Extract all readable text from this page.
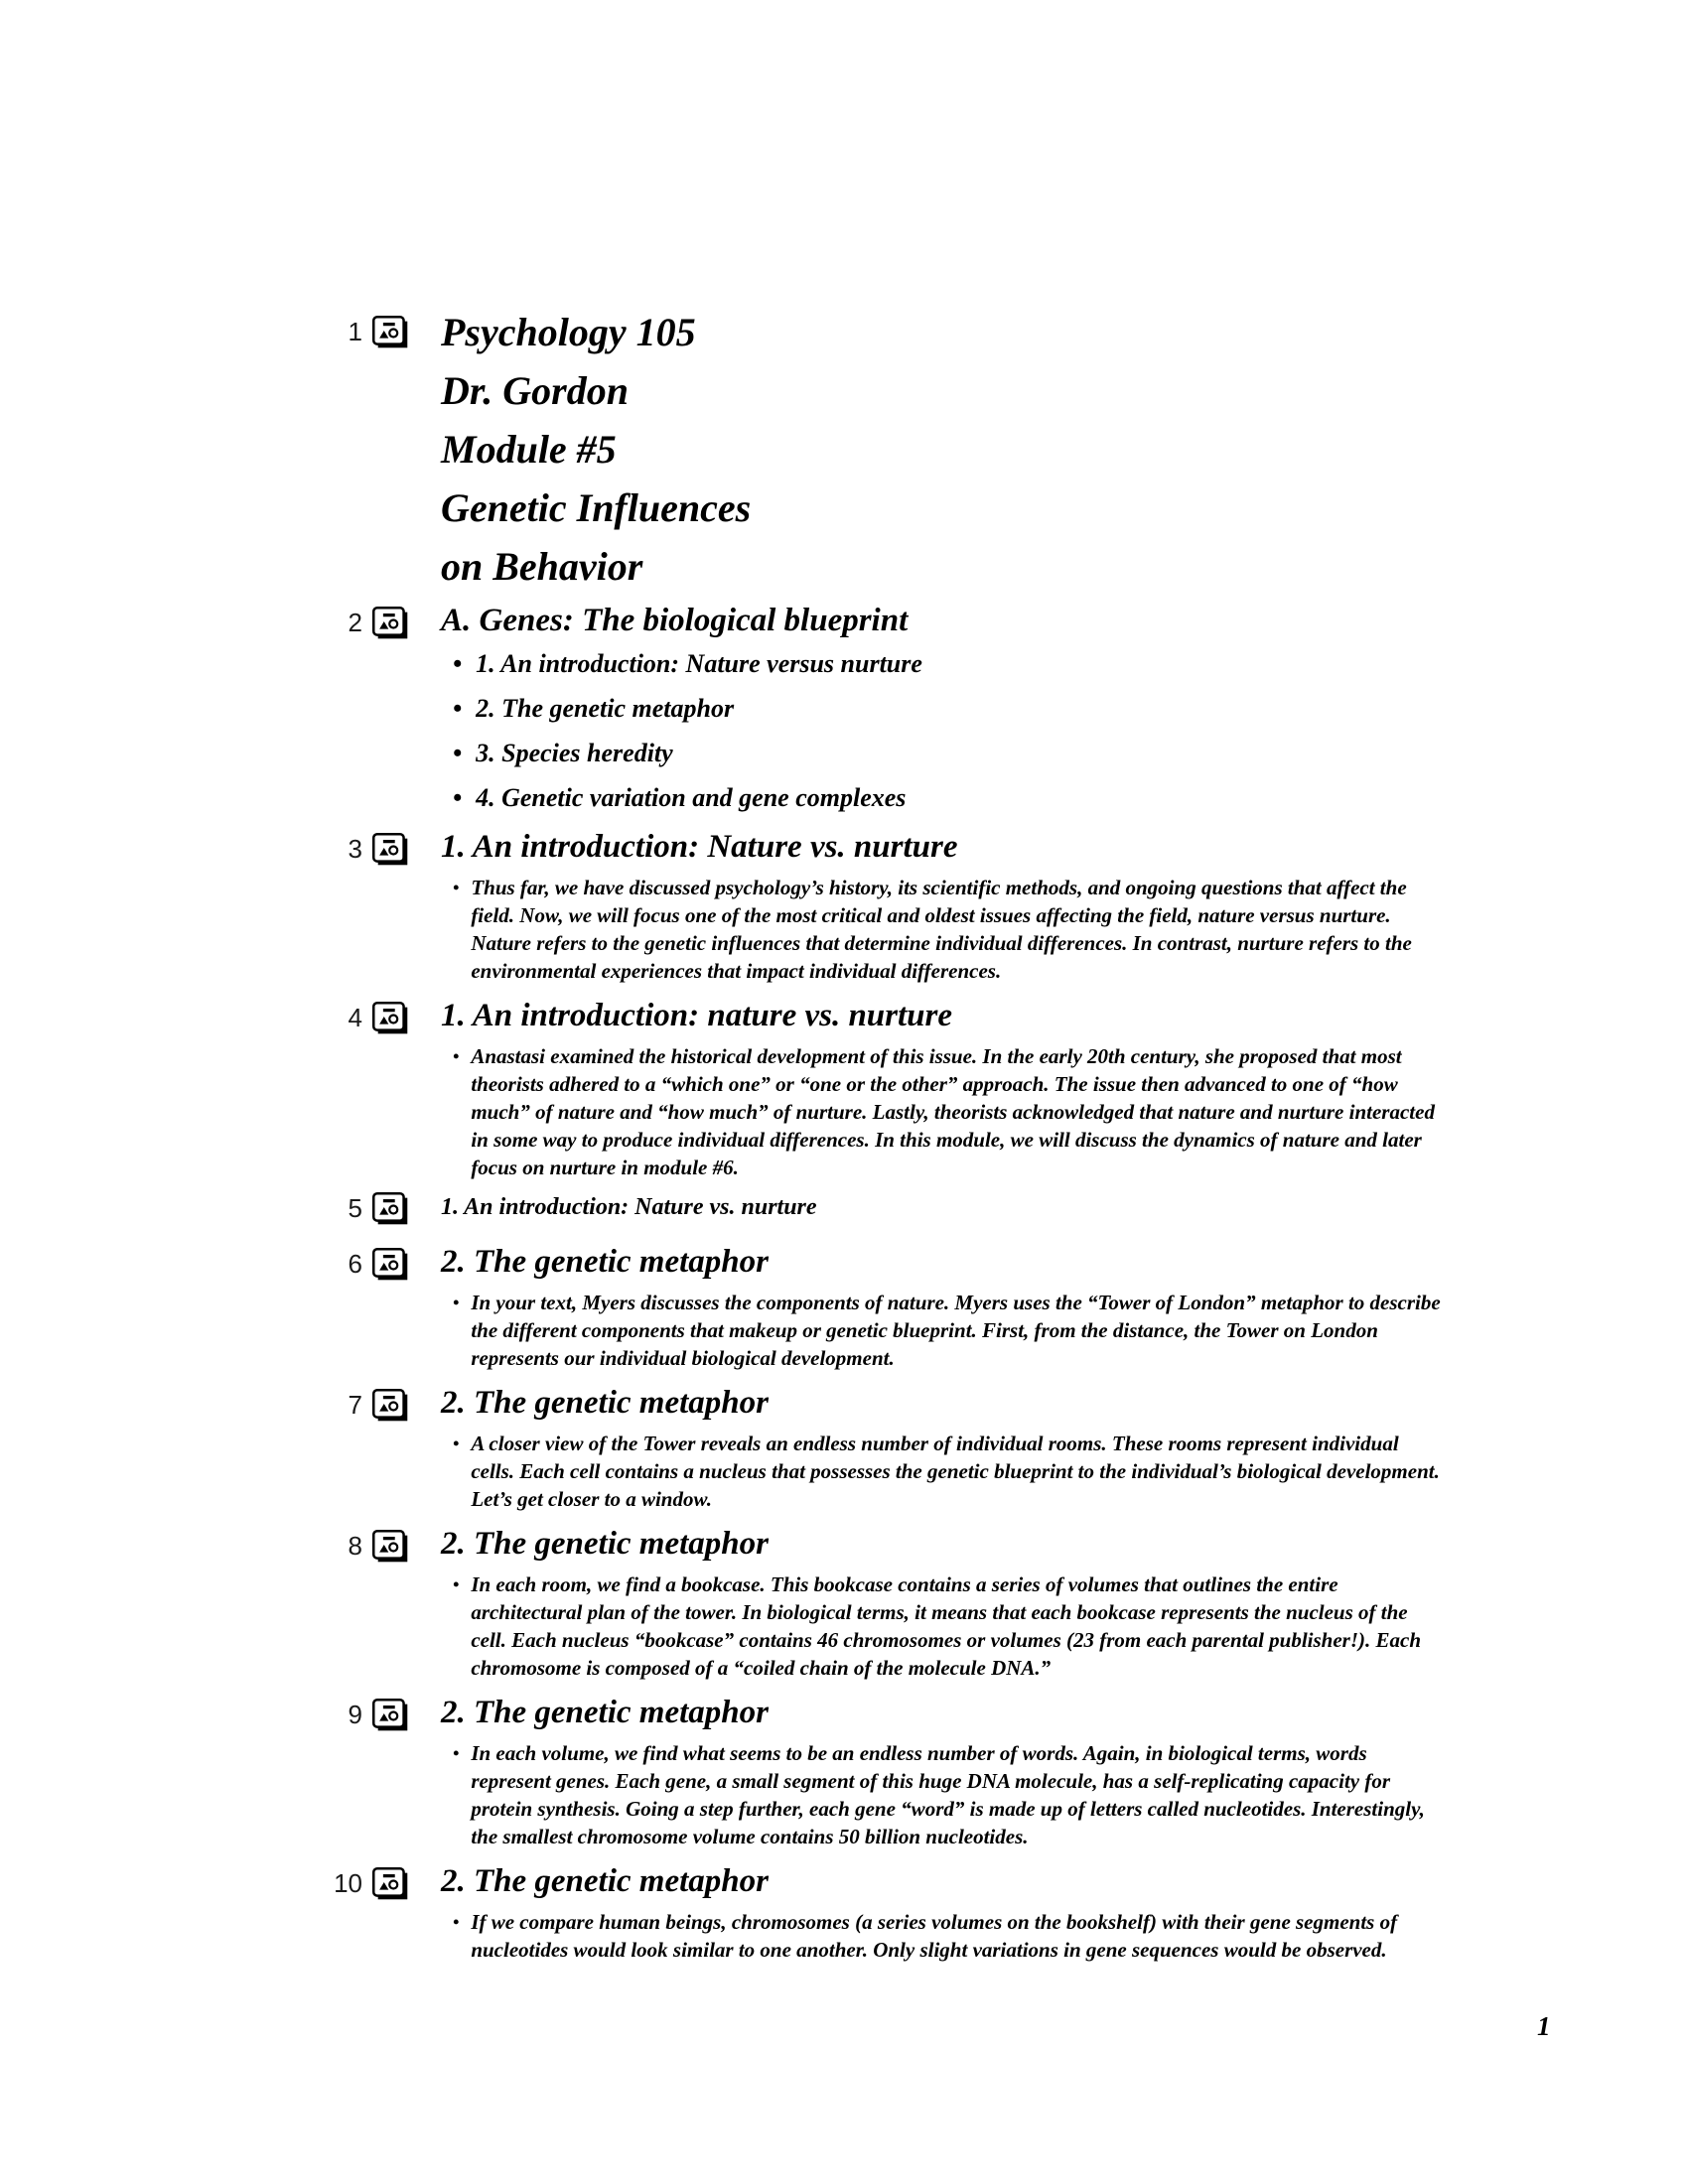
1 Psychology 105
Dr. Gordon
Module #5
Genetic Influences
on Behavior
2 A. Genes: The biological blueprint
• 1. An introduction: Nature versus nurture
• 2. The genetic metaphor
• 3. Species heredity
• 4. Genetic variation and gene complexes
3 1. An introduction: Nature vs. nurture
• Thus far, we have discussed psychology’s history, its scientific methods, and ongoing questions that affect the field. Now, we will focus one of the most critical and oldest issues affecting the field, nature versus nurture. Nature refers to the genetic influences that determine individual differences. In contrast, nurture refers to the environmental experiences that impact individual differences.
4 1. An introduction: nature vs. nurture
• Anastasi examined the historical development of this issue. In the early 20th century, she proposed that most theorists adhered to a “which one” or “one or the other” approach. The issue then advanced to one of “how much” of nature and “how much” of nurture. Lastly, theorists acknowledged that nature and nurture interacted in some way to produce individual differences. In this module, we will discuss the dynamics of nature and later focus on nurture in module #6.
5	1. An introduction: Nature vs. nurture
6 2. The genetic metaphor
• In your text, Myers discusses the components of nature. Myers uses the “Tower of London” metaphor to describe the different components that makeup or genetic blueprint. First, from the distance, the Tower on London represents our individual biological development.
7 2. The genetic metaphor
• A closer view of the Tower reveals an endless number of individual rooms. These rooms represent individual cells. Each cell contains a nucleus that possesses the genetic blueprint to the individual’s biological development. Let’s get closer to a window.
8 2. The genetic metaphor
• In each room, we find a bookcase. This bookcase contains a series of volumes that outlines the entire architectural plan of the tower. In biological terms, it means that each bookcase represents the nucleus of the cell. Each nucleus “bookcase” contains 46 chromosomes or volumes (23 from each parental publisher!). Each chromosome is composed of a “coiled chain of the molecule DNA.”
9 2. The genetic metaphor
• In each volume, we find what seems to be an endless number of words. Again, in biological terms, words represent genes. Each gene, a small segment of this huge DNA molecule, has a self-replicating capacity for protein synthesis. Going a step further, each gene “word” is made up of letters called nucleotides. Interestingly, the smallest chromosome volume contains 50 billion nucleotides.
10 2. The genetic metaphor
• If we compare human beings, chromosomes (a series volumes on the bookshelf) with their gene segments of nucleotides would look similar to one another. Only slight variations in gene sequences would be observed.
1
